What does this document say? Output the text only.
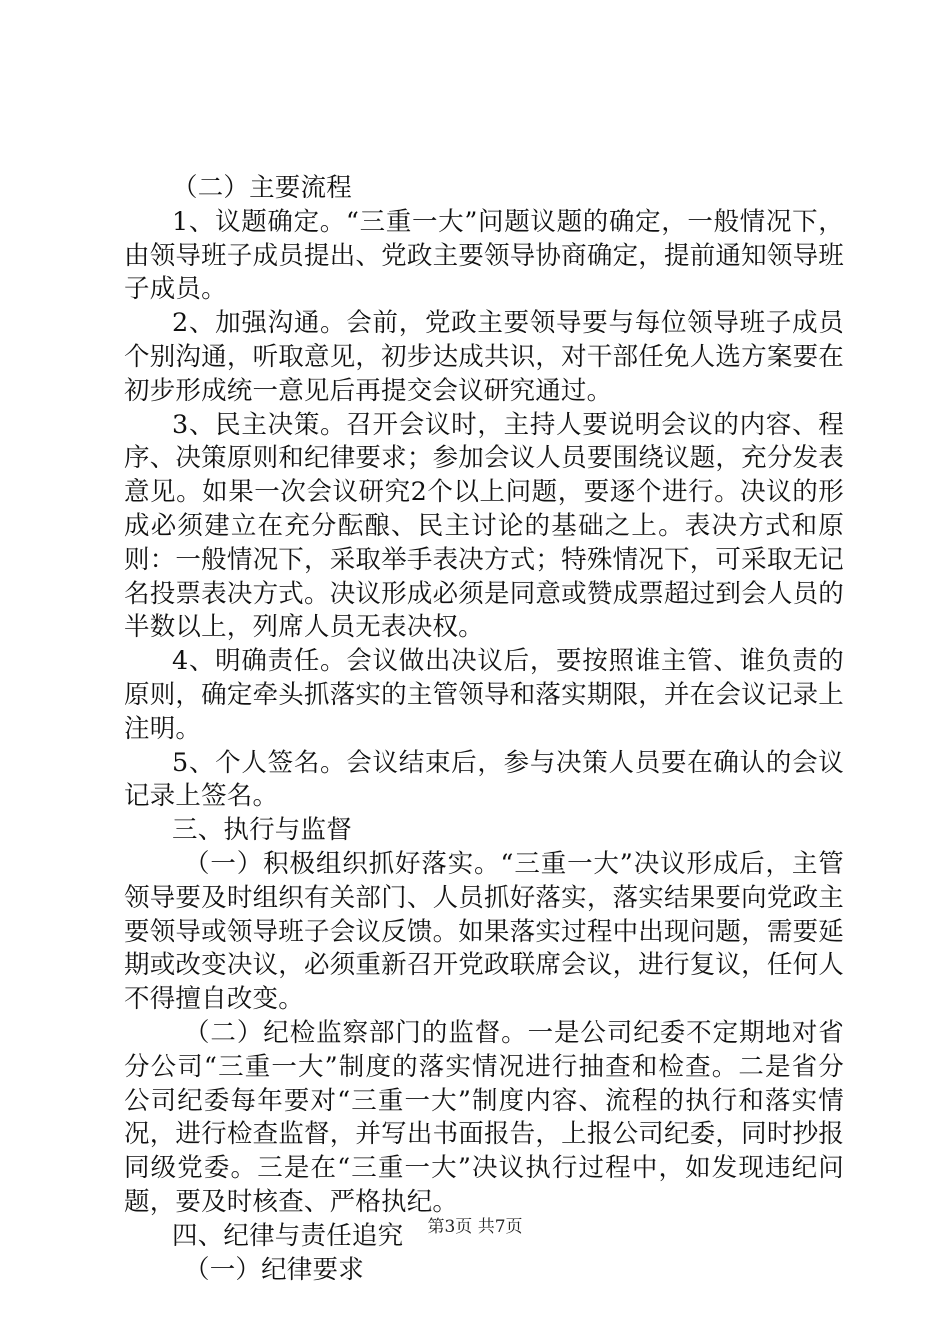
（二）主要流程

1、议题确定。“三重一大”问题议题的确定，一般情况下，由领导班子成员提出、党政主要领导协商确定，提前通知领导班子成员。

2、加强沟通。会前，党政主要领导要与每位领导班子成员个别沟通，听取意见，初步达成共识，对干部任免人选方案要在初步形成统一意见后再提交会议研究通过。

3、民主决策。召开会议时，主持人要说明会议的内容、程序、决策原则和纪律要求；参加会议人员要围绕议题，充分发表意见。如果一次会议研究2个以上问题，要逐个进行。决议的形成必须建立在充分酝酿、民主讨论的基础之上。表决方式和原则：一般情况下，采取举手表决方式；特殊情况下，可采取无记名投票表决方式。决议形成必须是同意或赞成票超过到会人员的半数以上，列席人员无表决权。

4、明确责任。会议做出决议后，要按照谁主管、谁负责的原则，确定牵头抓落实的主管领导和落实期限，并在会议记录上注明。

5、个人签名。会议结束后，参与决策人员要在确认的会议记录上签名。

三、执行与监督

（一）积极组织抓好落实。“三重一大”决议形成后，主管领导要及时组织有关部门、人员抓好落实，落实结果要向党政主要领导或领导班子会议反馈。如果落实过程中出现问题，需要延期或改变决议，必须重新召开党政联席会议，进行复议，任何人不得擅自改变。

（二）纪检监察部门的监督。一是公司纪委不定期地对省分公司“三重一大”制度的落实情况进行抽查和检查。二是省分公司纪委每年要对“三重一大”制度内容、流程的执行和落实情况，进行检查监督，并写出书面报告，上报公司纪委，同时抄报同级党委。三是在“三重一大”决议执行过程中，如发现违纪问题，要及时核查、严格执纪。

四、纪律与责任追究

（一）纪律要求

第3页 共7页
